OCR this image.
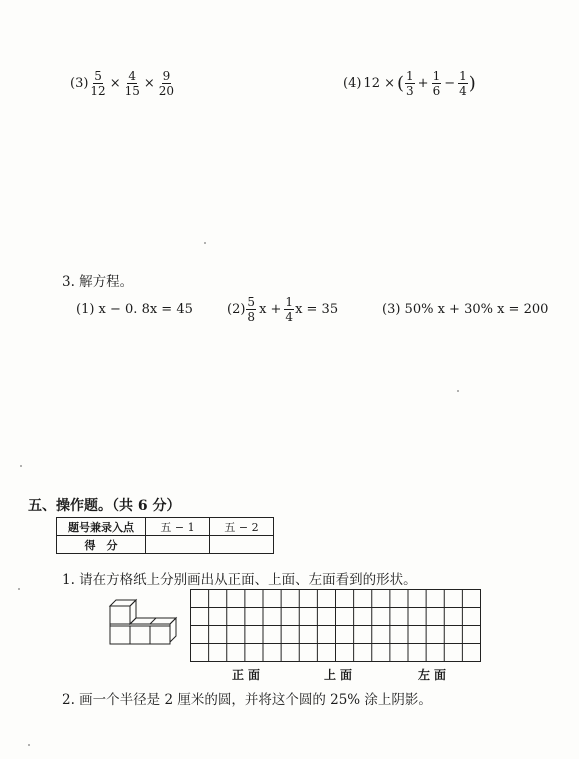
$(3) \frac{5}{12} \times \frac{4}{15} \times \frac{9}{20}$	(4) 12 × ( $\frac{1}{3} + \frac{1}{6} - \frac{1}{4}$ )
3. 解方程。
(1) x − 0. 8x = 45	$(2) \frac{5}{8}$ $x + \frac{1}{4}$ x = 35	(3) 50% x + 30% x = 200
五、操作题。（共 6 分）
题号兼录入点	五 − 1	五 − 2
得　分		
1. 请在方格纸上分别画出从正面、上面、左面看到的形状。
正面	上面	左面
2. 画一个半径是 2 厘米的圆，并将这个圆的 25% 涂上阴影。
